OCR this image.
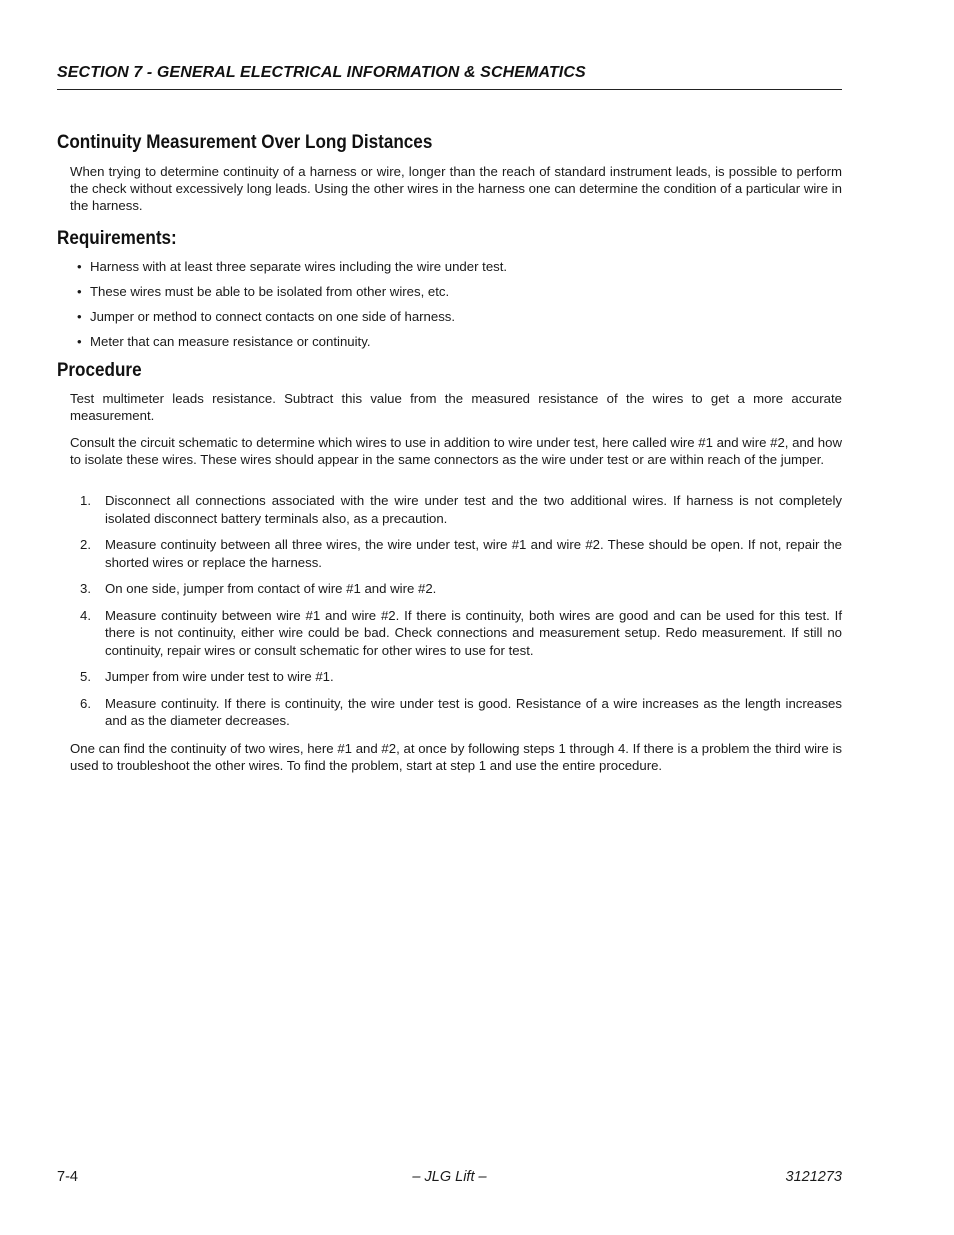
SECTION 7 - GENERAL ELECTRICAL INFORMATION & SCHEMATICS
Continuity Measurement Over Long Distances

When trying to determine continuity of a harness or wire, longer than the reach of standard instrument leads, is possible to perform the check without excessively long leads. Using the other wires in the harness one can determine the condition of a particular wire in the harness.

Requirements:
• Harness with at least three separate wires including the wire under test.
• These wires must be able to be isolated from other wires, etc.
• Jumper or method to connect contacts on one side of harness.
• Meter that can measure resistance or continuity.
Procedure

Test multimeter leads resistance. Subtract this value from the measured resistance of the wires to get a more accurate measurement.

Consult the circuit schematic to determine which wires to use in addition to wire under test, here called wire #1 and wire #2, and how to isolate these wires. These wires should appear in the same connectors as the wire under test or are within reach of the jumper.

1. Disconnect all connections associated with the wire under test and the two additional wires. If harness is not completely isolated disconnect battery terminals also, as a precaution.
2. Measure continuity between all three wires, the wire under test, wire #1 and wire #2. These should be open. If not, repair the shorted wires or replace the harness.
3. On one side, jumper from contact of wire #1 and wire #2.
4. Measure continuity between wire #1 and wire #2. If there is continuity, both wires are good and can be used for this test. If there is not continuity, either wire could be bad. Check connections and measurement setup. Redo measurement. If still no continuity, repair wires or consult schematic for other wires to use for test.
5. Jumper from wire under test to wire #1.
6. Measure continuity. If there is continuity, the wire under test is good. Resistance of a wire increases as the length increases and as the diameter decreases.

One can find the continuity of two wires, here #1 and #2, at once by following steps 1 through 4. If there is a problem the third wire is used to troubleshoot the other wires. To find the problem, start at step 1 and use the entire procedure.

7-4	– JLG Lift –	3121273
